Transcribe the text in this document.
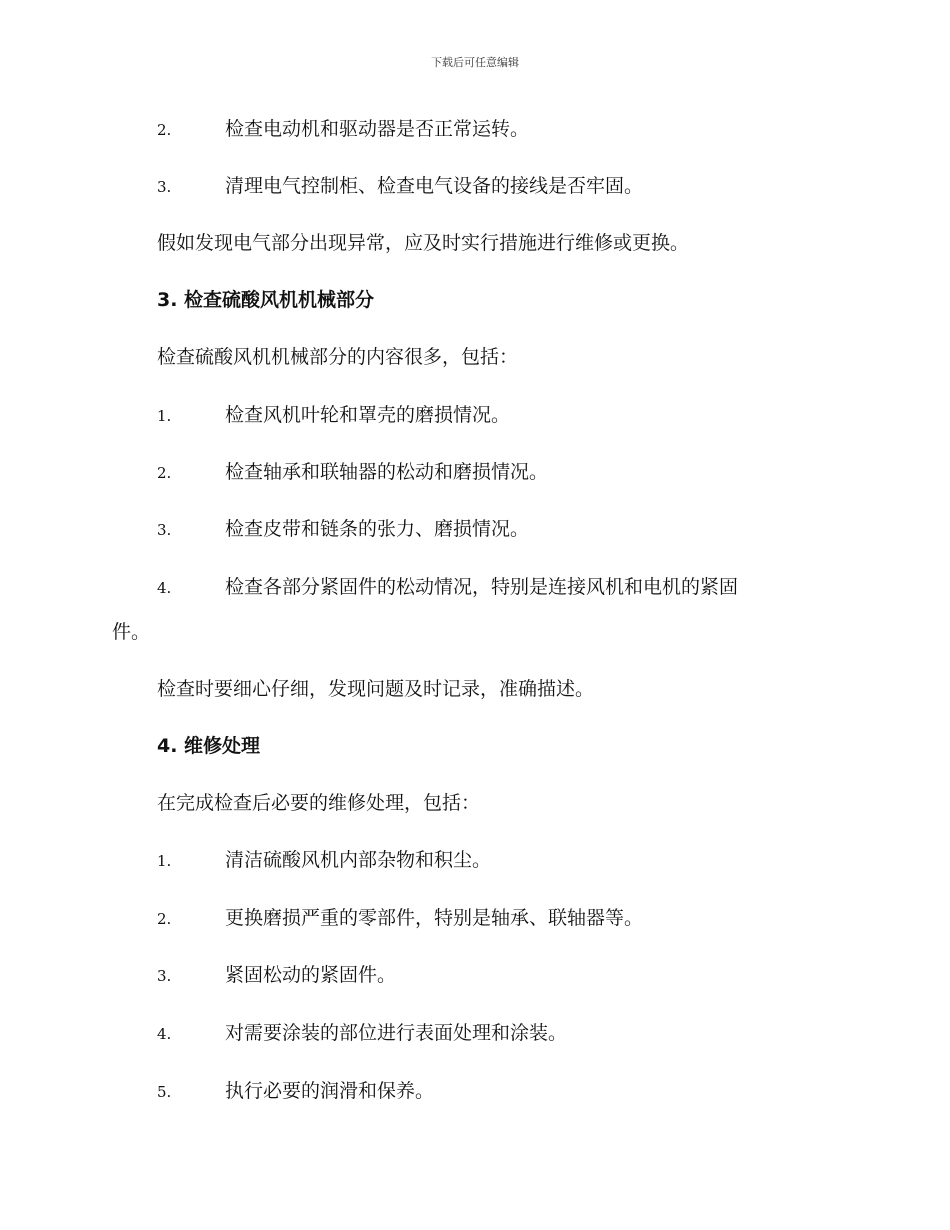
下载后可任意编辑
2.	检查电动机和驱动器是否正常运转。
3.	清理电气控制柜、检查电气设备的接线是否牢固。
假如发现电气部分出现异常，应及时实行措施进行维修或更换。
3. 检查硫酸风机机械部分
检查硫酸风机机械部分的内容很多，包括：
1.	检查风机叶轮和罩壳的磨损情况。
2.	检查轴承和联轴器的松动和磨损情况。
3.	检查皮带和链条的张力、磨损情况。
4.	检查各部分紧固件的松动情况，特别是连接风机和电机的紧固
件。
检查时要细心仔细，发现问题及时记录，准确描述。
4. 维修处理
在完成检查后必要的维修处理，包括：
1.	清洁硫酸风机内部杂物和积尘。
2.	更换磨损严重的零部件，特别是轴承、联轴器等。
3.	紧固松动的紧固件。
4.	对需要涂装的部位进行表面处理和涂装。
5.	执行必要的润滑和保养。
